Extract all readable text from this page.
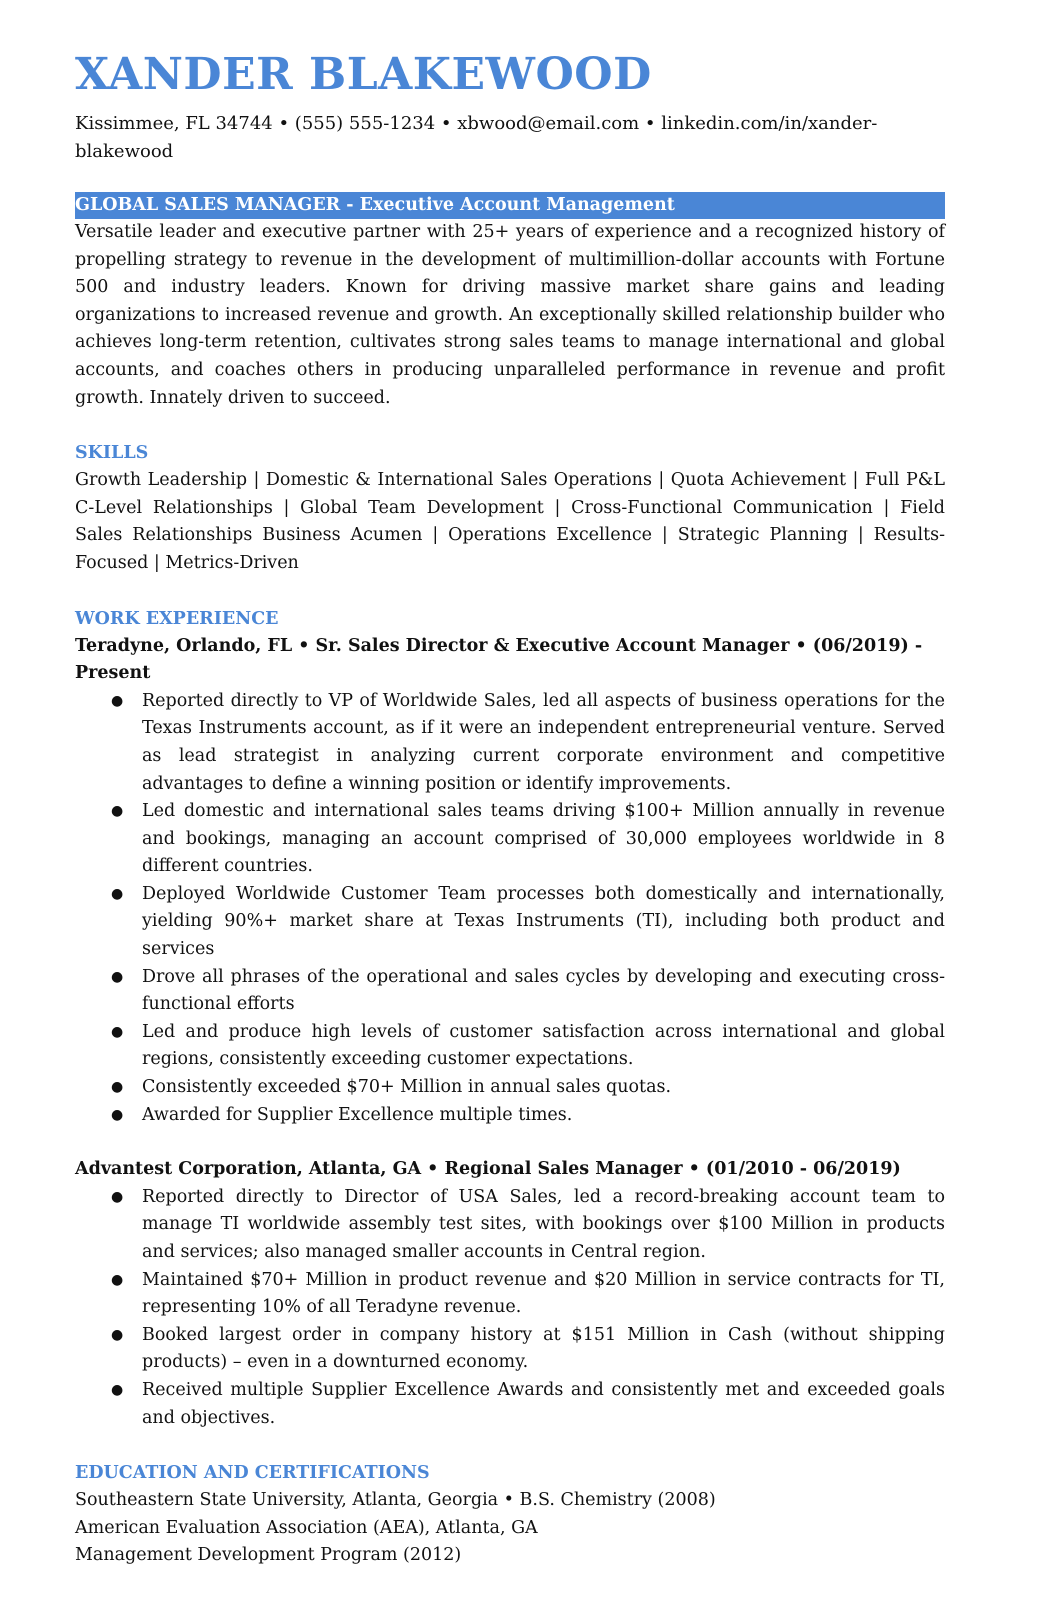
XANDER BLAKEWOOD
Kissimmee, FL 34744 • (555) 555-1234 • xbwood@email.com • linkedin.com/in/xander-blakewood
GLOBAL SALES MANAGER - Executive Account Management

Versatile leader and executive partner with 25+ years of experience and a recognized history of propelling strategy to revenue in the development of multimillion-dollar accounts with Fortune 500 and industry leaders. Known for driving massive market share gains and leading organizations to increased revenue and growth. An exceptionally skilled relationship builder who achieves long-term retention, cultivates strong sales teams to manage international and global accounts, and coaches others in producing unparalleled performance in revenue and profit growth. Innately driven to succeed.

SKILLS

Growth Leadership | Domestic & International Sales Operations | Quota Achievement | Full P&L C-Level Relationships | Global Team Development | Cross-Functional Communication | Field Sales Relationships Business Acumen | Operations Excellence | Strategic Planning | Results-Focused | Metrics-Driven

WORK EXPERIENCE
Teradyne, Orlando, FL • Sr. Sales Director & Executive Account Manager • (06/2019) - Present
● Reported directly to VP of Worldwide Sales, led all aspects of business operations for the Texas Instruments account, as if it were an independent entrepreneurial venture. Served as lead strategist in analyzing current corporate environment and competitive advantages to define a winning position or identify improvements.
● Led domestic and international sales teams driving $100+ Million annually in revenue and bookings, managing an account comprised of 30,000 employees worldwide in 8 different countries.
● Deployed Worldwide Customer Team processes both domestically and internationally, yielding 90%+ market share at Texas Instruments (TI), including both product and services
● Drove all phrases of the operational and sales cycles by developing and executing cross-functional efforts
● Led and produce high levels of customer satisfaction across international and global regions, consistently exceeding customer expectations.
● Consistently exceeded $70+ Million in annual sales quotas.
● Awarded for Supplier Excellence multiple times.
Advantest Corporation, Atlanta, GA • Regional Sales Manager • (01/2010 - 06/2019)
● Reported directly to Director of USA Sales, led a record-breaking account team to manage TI worldwide assembly test sites, with bookings over $100 Million in products and services; also managed smaller accounts in Central region.
● Maintained $70+ Million in product revenue and $20 Million in service contracts for TI, representing 10% of all Teradyne revenue.
● Booked largest order in company history at $151 Million in Cash (without shipping products) – even in a downturned economy.
● Received multiple Supplier Excellence Awards and consistently met and exceeded goals and objectives.
EDUCATION AND CERTIFICATIONS
Southeastern State University, Atlanta, Georgia • B.S. Chemistry (2008)
American Evaluation Association (AEA), Atlanta, GA
Management Development Program (2012)
